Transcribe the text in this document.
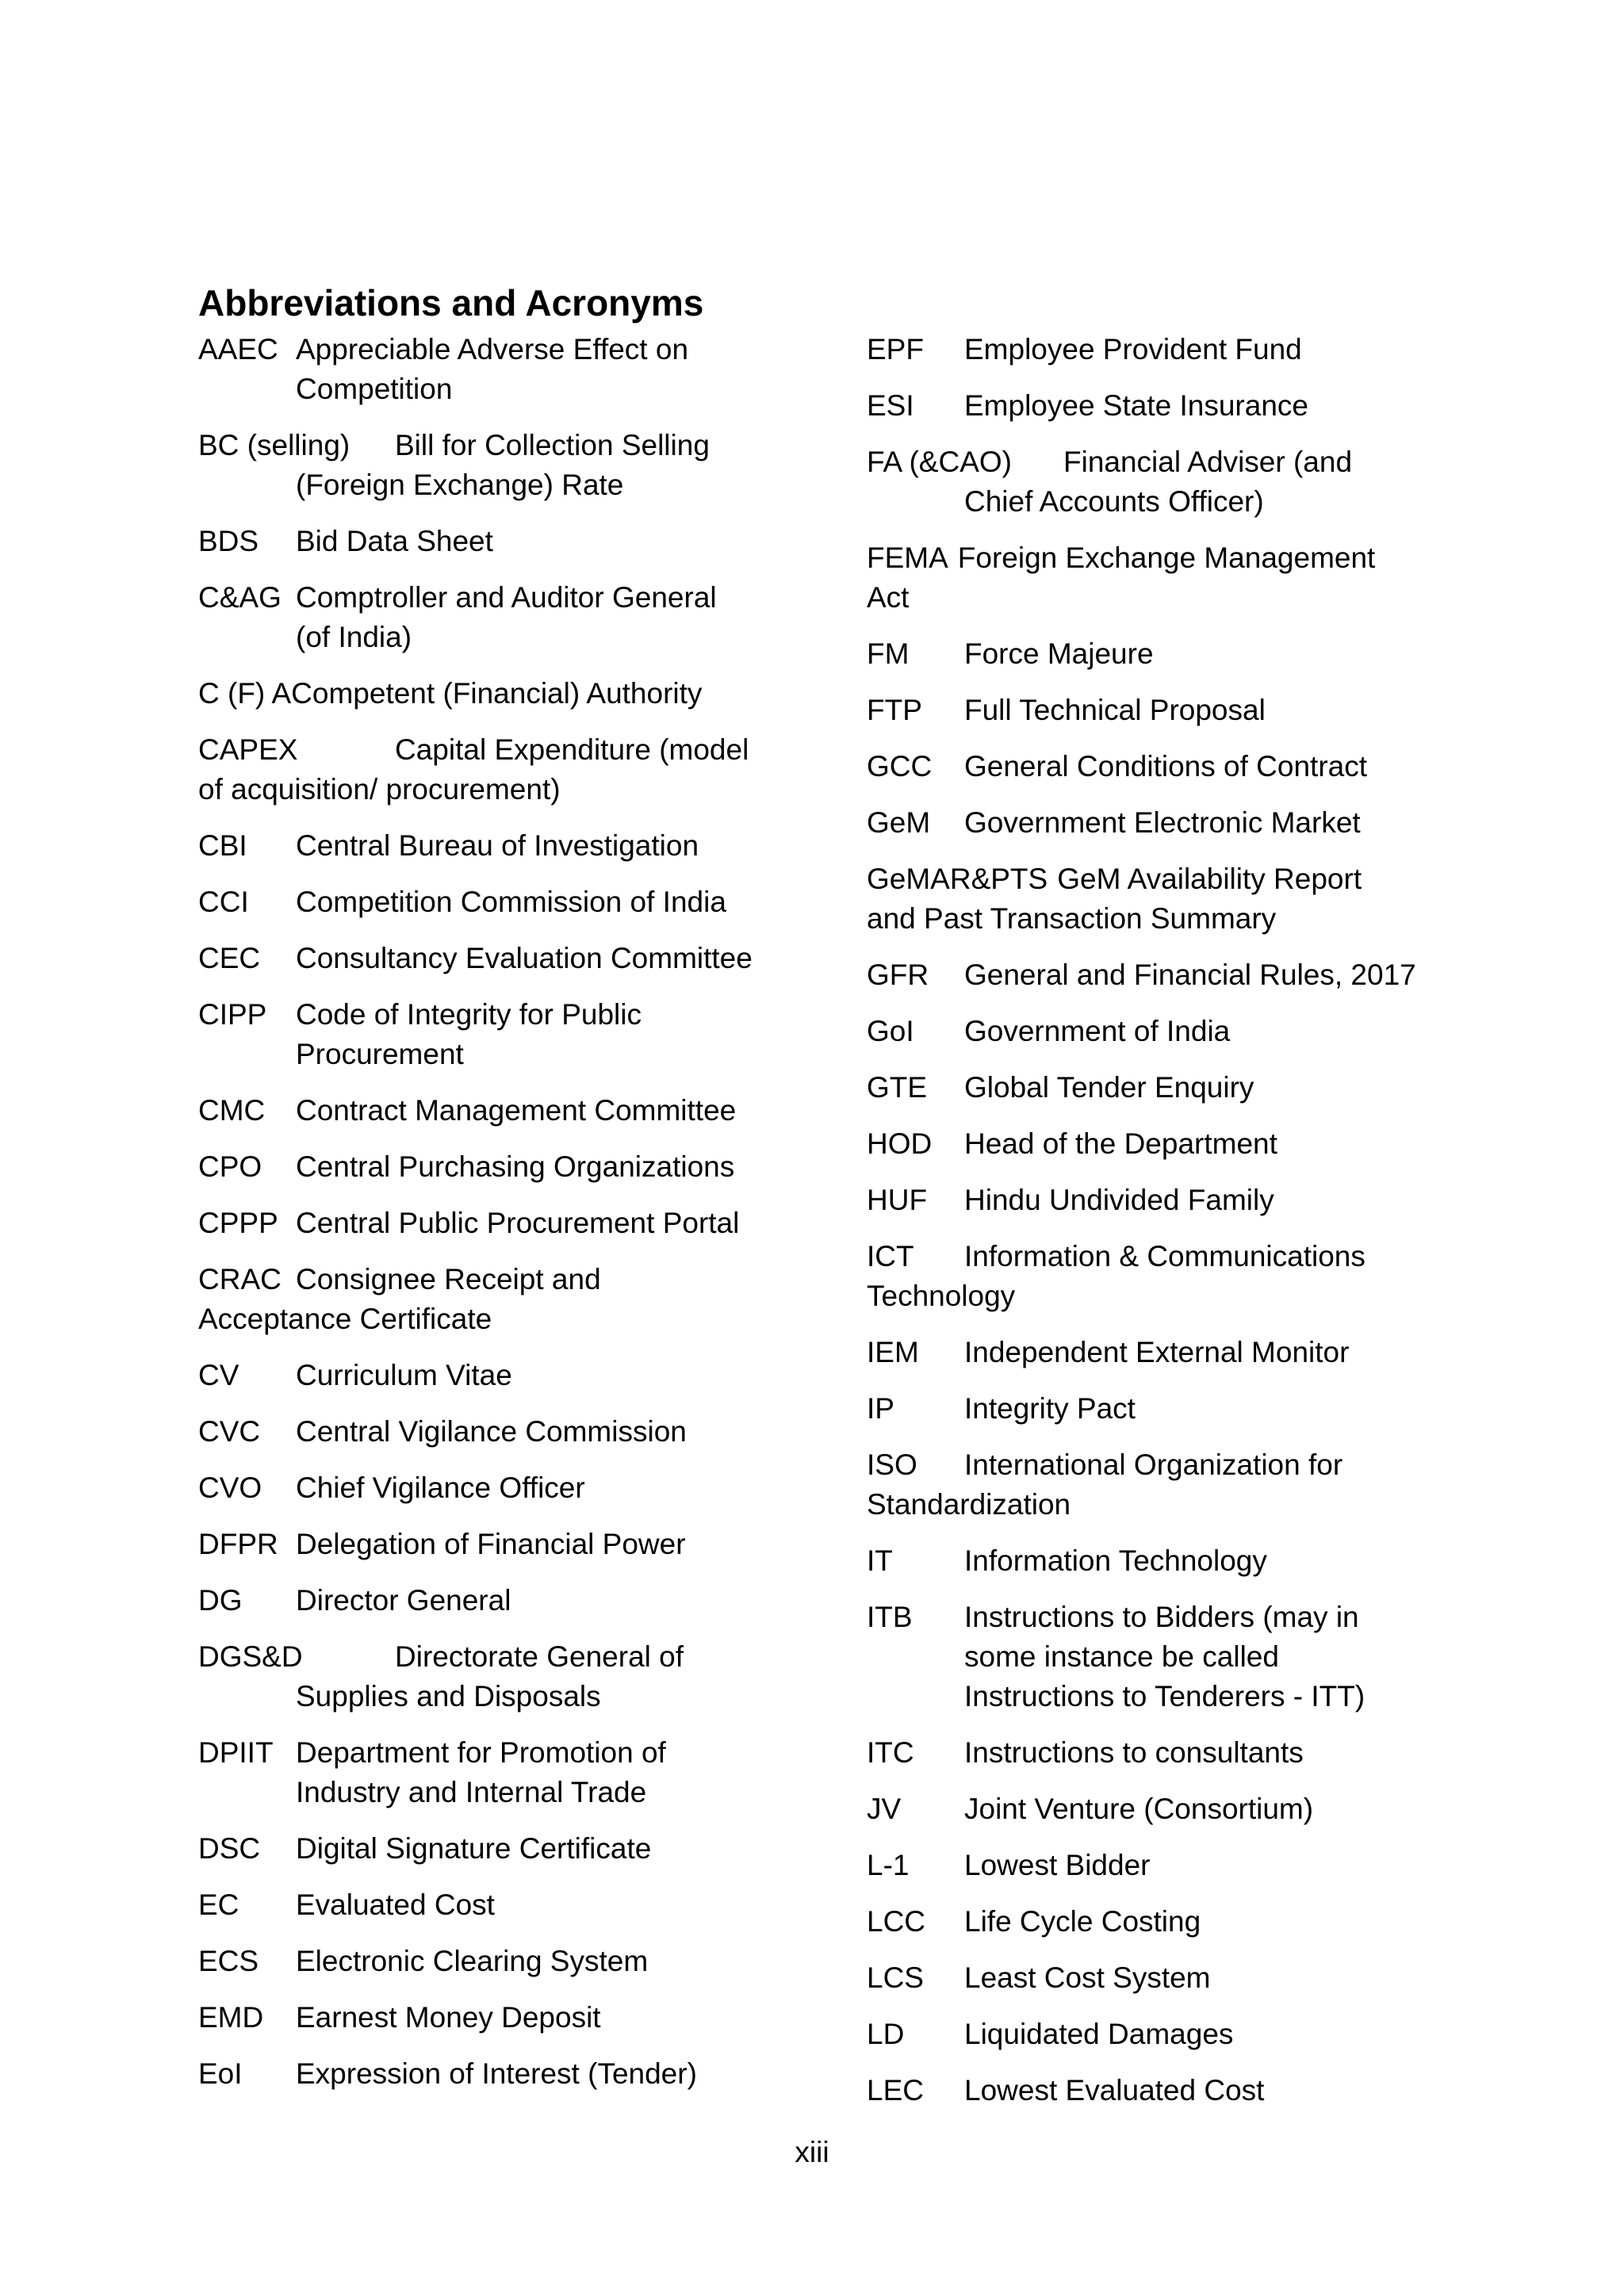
Abbreviations and Acronyms
AAEC Appreciable Adverse Effect on
Competition
BC (selling) Bill for Collection Selling
(Foreign Exchange) Rate
BDS Bid Data Sheet
C&AG Comptroller and Auditor General
(of India)
C (F) ACompetent (Financial) Authority
CAPEX	Capital Expenditure (model
of acquisition/ procurement)
CBI Central Bureau of Investigation
CCI Competition Commission of India
CEC Consultancy Evaluation Committee
CIPP Code of Integrity for Public
Procurement
CMC Contract Management Committee
CPO Central Purchasing Organizations
CPPP Central Public Procurement Portal
CRAC Consignee Receipt and
Acceptance Certificate
CV Curriculum Vitae
CVC Central Vigilance Commission
CVO Chief Vigilance Officer
DFPR Delegation of Financial Power
DG Director General
DGS&D	Directorate General of
Supplies and Disposals
DPIIT Department for Promotion of
Industry and Internal Trade
DSC Digital Signature Certificate
EC Evaluated Cost
ECS Electronic Clearing System
EMD Earnest Money Deposit
EoI Expression of Interest (Tender)
EPF Employee Provident Fund
ESI Employee State Insurance
FA (&CAO) Financial Adviser (and
Chief Accounts Officer)
FEMA Foreign Exchange Management
Act
FM Force Majeure
FTP Full Technical Proposal
GCC General Conditions of Contract
GeM Government Electronic Market
GeMAR&PTS GeM Availability Report
and Past Transaction Summary
GFR General and Financial Rules, 2017
GoI Government of India
GTE Global Tender Enquiry
HOD Head of the Department
HUF Hindu Undivided Family
ICT Information & Communications
Technology
IEM Independent External Monitor
IP Integrity Pact
ISO International Organization for
Standardization
IT Information Technology
ITB Instructions to Bidders (may in
some instance be called
Instructions to Tenderers - ITT)
ITC Instructions to consultants
JV Joint Venture (Consortium)
L-1 Lowest Bidder
LCC Life Cycle Costing
LCS Least Cost System
LD Liquidated Damages
LEC Lowest Evaluated Cost
xiii
